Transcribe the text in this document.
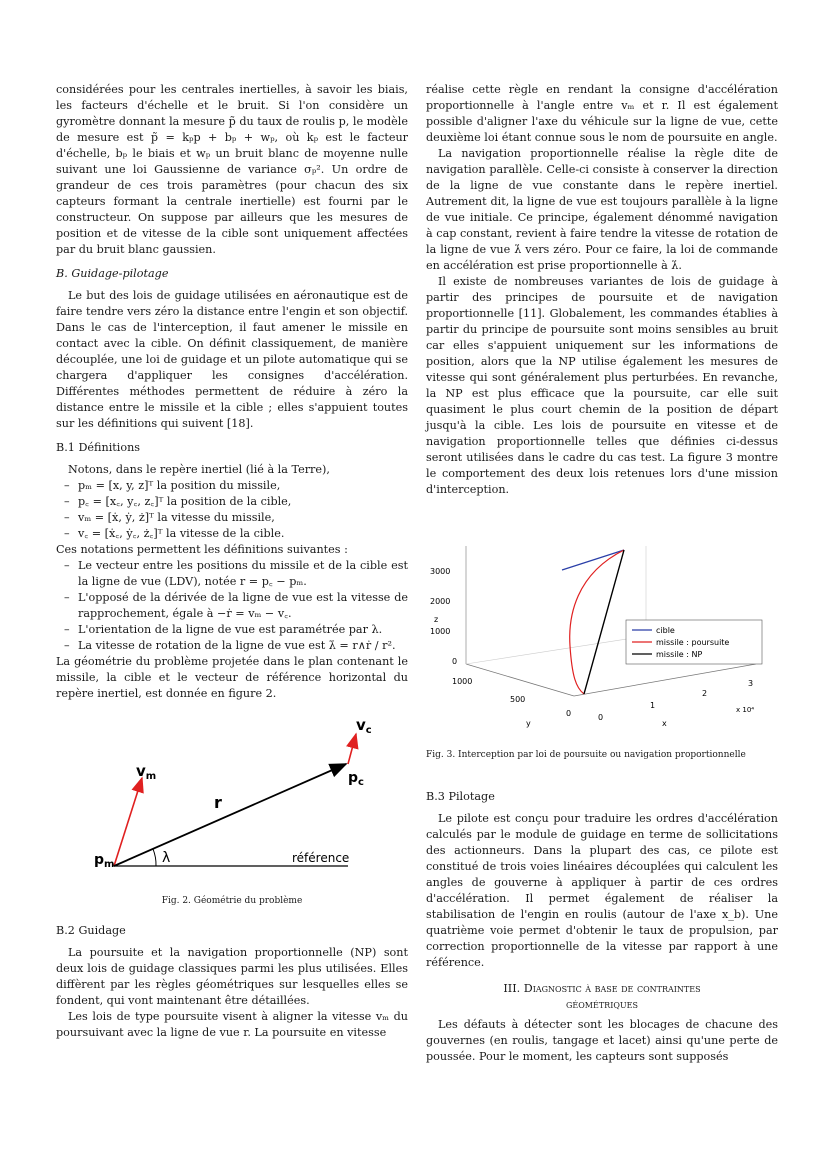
considérées pour les centrales inertielles, à savoir les biais, les facteurs d'échelle et le bruit. Si l'on considère un gyromètre donnant la mesure p̃ du taux de roulis p, le modèle de mesure est p̃ = kₚp + bₚ + wₚ, où kₚ est le facteur d'échelle, bₚ le biais et wₚ un bruit blanc de moyenne nulle suivant une loi Gaussienne de variance σₚ². Un ordre de grandeur de ces trois paramètres (pour chacun des six capteurs formant la centrale inertielle) est fourni par le constructeur. On suppose par ailleurs que les mesures de position et de vitesse de la cible sont uniquement affectées par du bruit blanc gaussien.

B. Guidage-pilotage

Le but des lois de guidage utilisées en aéronautique est de faire tendre vers zéro la distance entre l'engin et son objectif. Dans le cas de l'interception, il faut amener le missile en contact avec la cible. On définit classiquement, de manière découplée, une loi de guidage et un pilote automatique qui se chargera d'appliquer les consignes d'accélération. Différentes méthodes permettent de réduire à zéro la distance entre le missile et la cible ; elles s'appuient toutes sur les définitions qui suivent [18].

B.1 Définitions

Notons, dans le repère inertiel (lié à la Terre),

– pₘ = [x, y, z]ᵀ la position du missile,
– p꜀ = [x꜀, y꜀, z꜀]ᵀ la position de la cible,
– vₘ = [ẋ, ẏ, ż]ᵀ la vitesse du missile,
– v꜀ = [ẋ꜀, ẏ꜀, ż꜀]ᵀ la vitesse de la cible.

Ces notations permettent les définitions suivantes :

– Le vecteur entre les positions du missile et de la cible est la ligne de vue (LDV), notée r = p꜀ − pₘ.
– L'opposé de la dérivée de la ligne de vue est la vitesse de rapprochement, égale à −ṙ = vₘ − v꜀.
– L'orientation de la ligne de vue est paramétrée par λ.
– La vitesse de rotation de la ligne de vue est λ̇ = r∧ṙ / r².

La géométrie du problème projetée dans le plan contenant le missile, la cible et le vecteur de référence horizontal du repère inertiel, est donnée en figure 2.

$v_c$
$p_c$
$v_m$
r
$p_m$	λ	référence
Fig. 2. Géométrie du problème
B.2 Guidage

La poursuite et la navigation proportionnelle (NP) sont deux lois de guidage classiques parmi les plus utilisées. Elles diffèrent par les règles géométriques sur lesquelles elles se fondent, qui vont maintenant être détaillées.

Les lois de type poursuite visent à aligner la vitesse vₘ du poursuivant avec la ligne de vue r. La poursuite en vitesse

réalise cette règle en rendant la consigne d'accélération proportionnelle à l'angle entre vₘ et r. Il est également possible d'aligner l'axe du véhicule sur la ligne de vue, cette deuxième loi étant connue sous le nom de poursuite en angle.

La navigation proportionnelle réalise la règle dite de navigation parallèle. Celle-ci consiste à conserver la direction de la ligne de vue constante dans le repère inertiel. Autrement dit, la ligne de vue est toujours parallèle à la ligne de vue initiale. Ce principe, également dénommé navigation à cap constant, revient à faire tendre la vitesse de rotation de la ligne de vue λ̇ vers zéro. Pour ce faire, la loi de commande en accélération est prise proportionnelle à λ̇.

Il existe de nombreuses variantes de lois de guidage à partir des principes de poursuite et de navigation proportionnelle [11]. Globalement, les commandes établies à partir du principe de poursuite sont moins sensibles au bruit car elles s'appuient uniquement sur les informations de position, alors que la NP utilise également les mesures de vitesse qui sont généralement plus perturbées. En revanche, la NP est plus efficace que la poursuite, car elle suit quasiment le plus court chemin de la position de départ jusqu'à la cible. Les lois de poursuite en vitesse et de navigation proportionnelle telles que définies ci-dessus seront utilisées dans le cadre du cas test. La figure 3 montre le comportement des deux lois retenues lors d'une mission d'interception.

3000
2000
1000
0
z
1000
500
0
y
0
1
2
3
x
x 10⁴
cible
missile : poursuite
missile : NP
Fig. 3. Interception par loi de poursuite ou navigation proportionnelle
B.3 Pilotage

Le pilote est conçu pour traduire les ordres d'accélération calculés par le module de guidage en terme de sollicitations des actionneurs. Dans la plupart des cas, ce pilote est constitué de trois voies linéaires découplées qui calculent les angles de gouverne à appliquer à partir de ces ordres d'accélération. Il permet également de réaliser la stabilisation de l'engin en roulis (autour de l'axe x_b). Une quatrième voie permet d'obtenir le taux de propulsion, par correction proportionnelle de la vitesse par rapport à une référence.

III. Diagnostic à base de contraintes
géométriques

Les défauts à détecter sont les blocages de chacune des gouvernes (en roulis, tangage et lacet) ainsi qu'une perte de poussée. Pour le moment, les capteurs sont supposés
